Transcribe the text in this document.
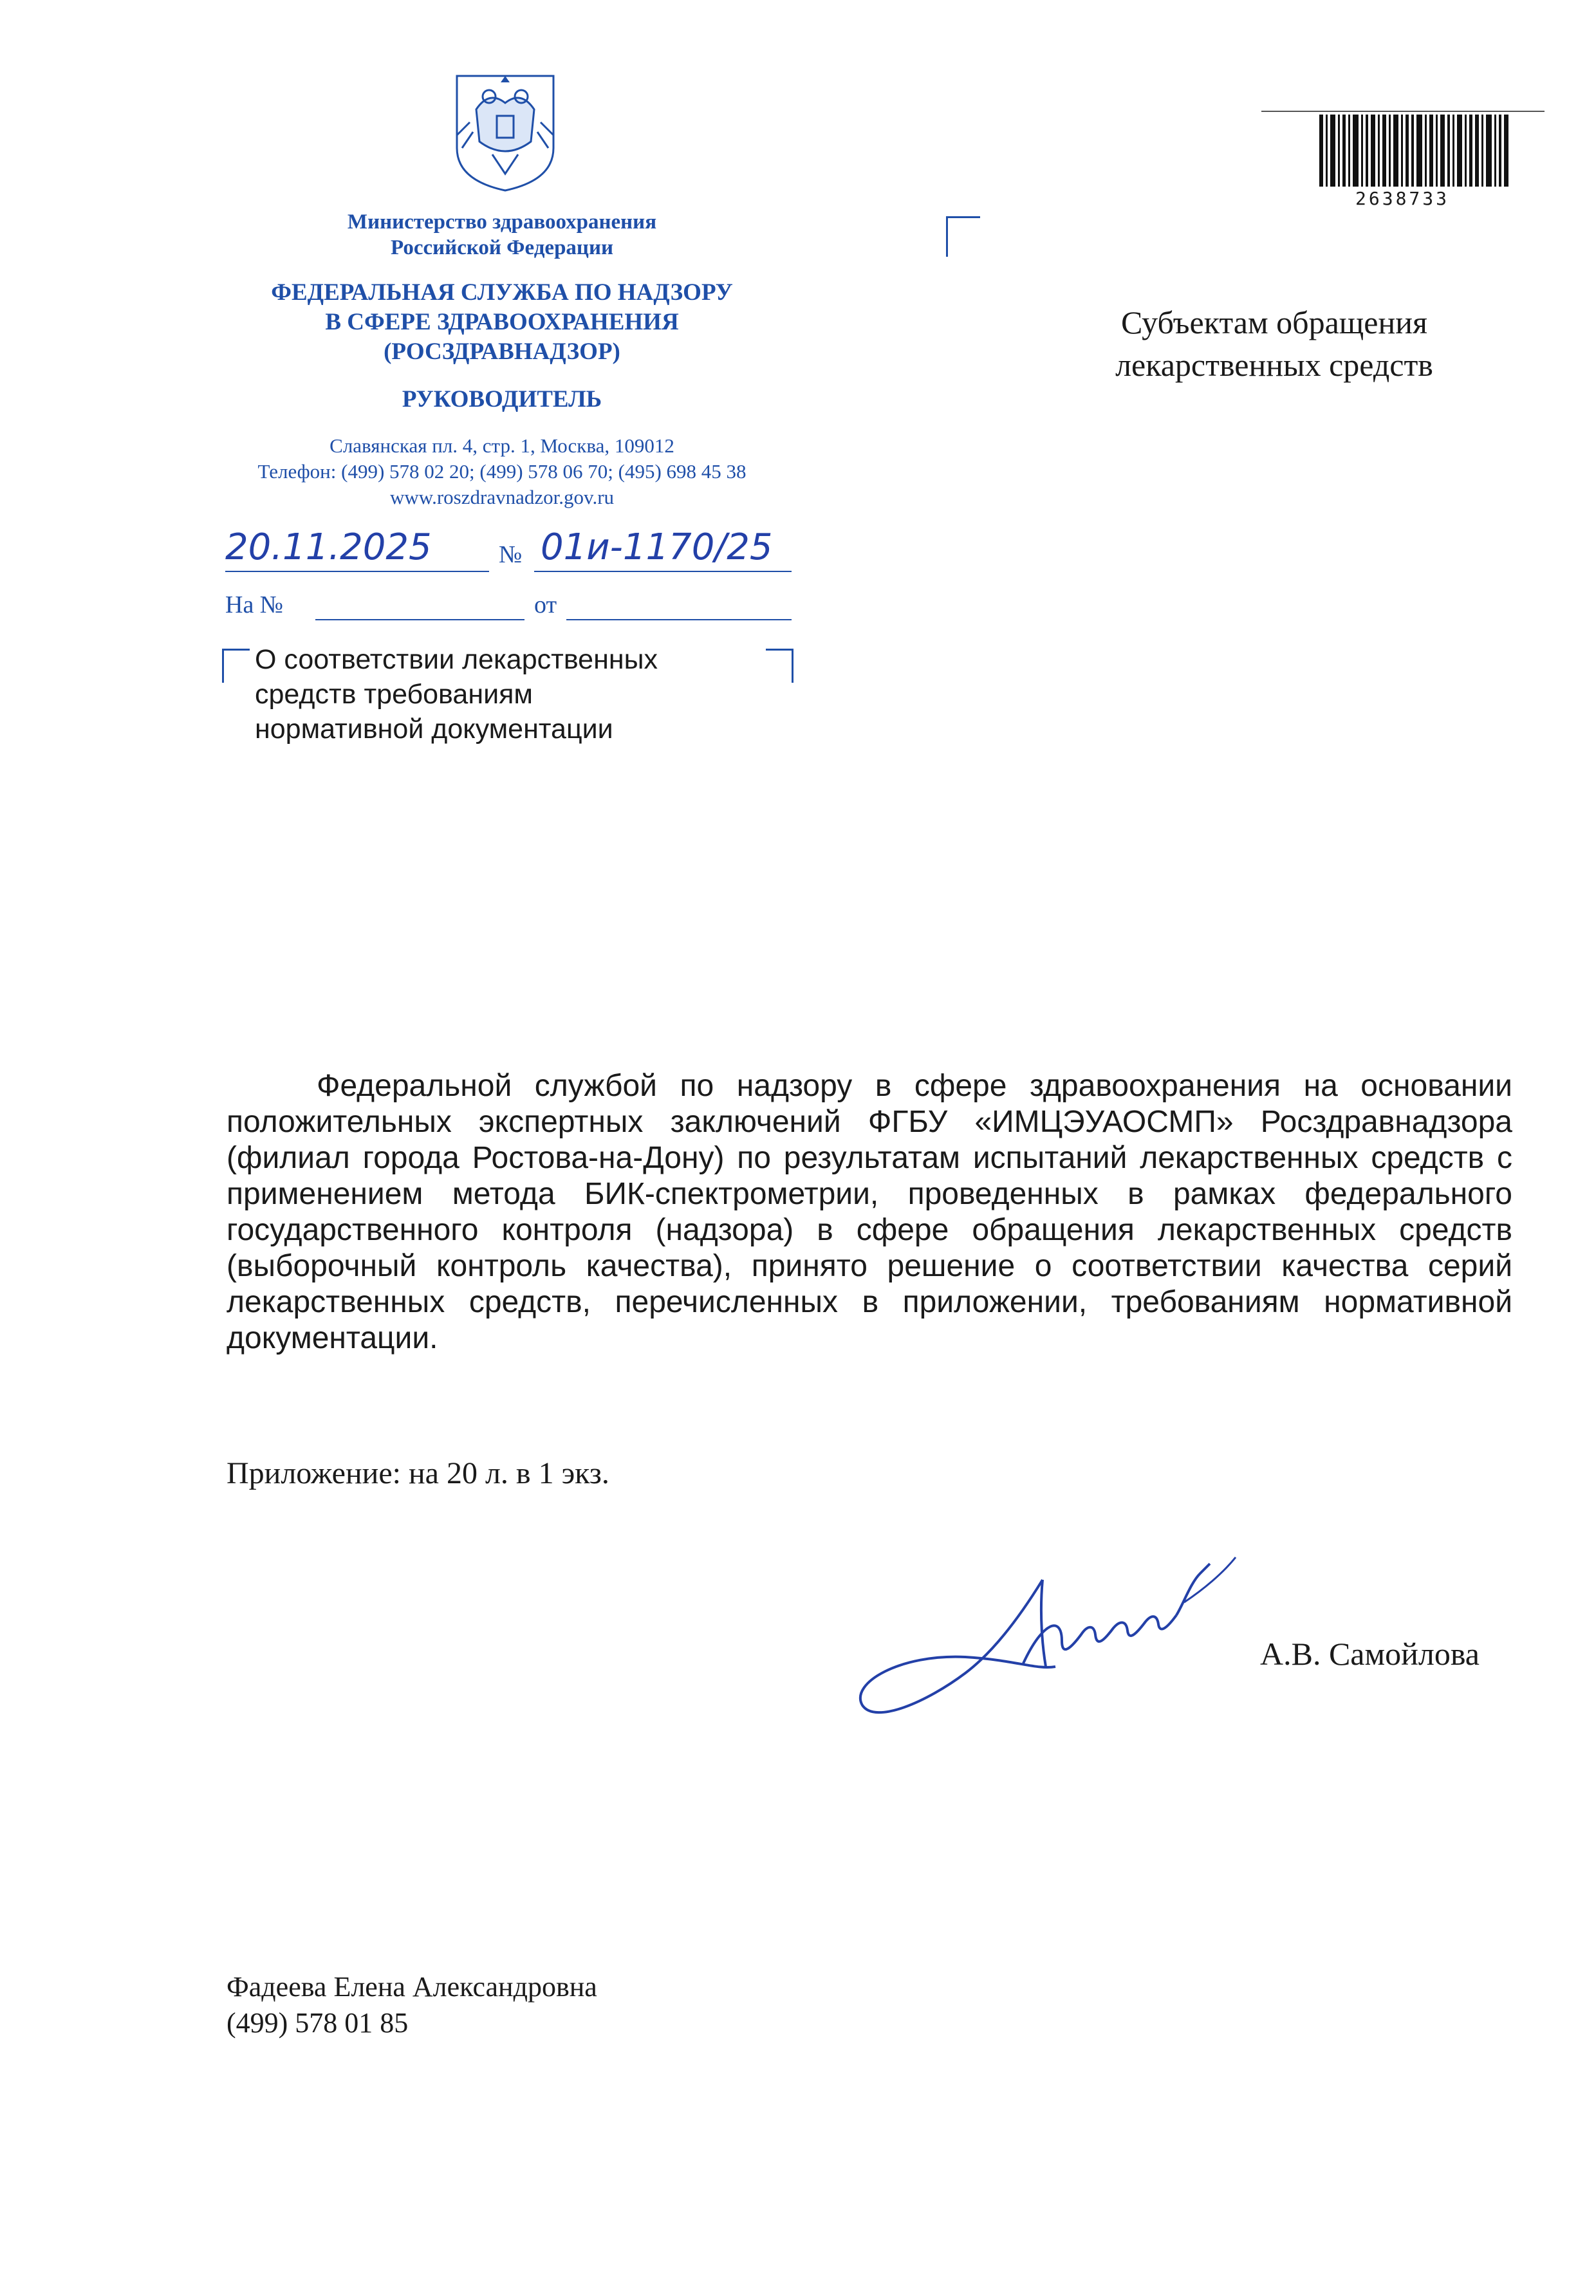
Министерство здравоохранения
Российской Федерации
ФЕДЕРАЛЬНАЯ СЛУЖБА ПО НАДЗОРУ
В СФЕРЕ ЗДРАВООХРАНЕНИЯ
(РОСЗДРАВНАДЗОР)
РУКОВОДИТЕЛЬ
Славянская пл. 4, стр. 1, Москва, 109012
Телефон: (499) 578 02 20; (499) 578 06 70; (495) 698 45 38
www.roszdravnadzor.gov.ru
20.11.2025	№ 01и-1170/25
На №	от
О соответствии лекарственных
средств требованиям
нормативной документации
Субъектам обращения
лекарственных средств
2638733
Федеральной службой по надзору в сфере здравоохранения на основании положительных экспертных заключений ФГБУ «ИМЦЭУАОСМП» Росздравнадзора (филиал города Ростова-на-Дону) по результатам испытаний лекарственных средств с применением метода БИК-спектрометрии, проведенных в рамках федерального государственного контроля (надзора) в сфере обращения лекарственных средств (выборочный контроль качества), принято решение о соответствии качества серий лекарственных средств, перечисленных в приложении, требованиям нормативной документации.
Приложение: на 20 л. в 1 экз.
А.В. Самойлова
Фадеева Елена Александровна
(499) 578 01 85
